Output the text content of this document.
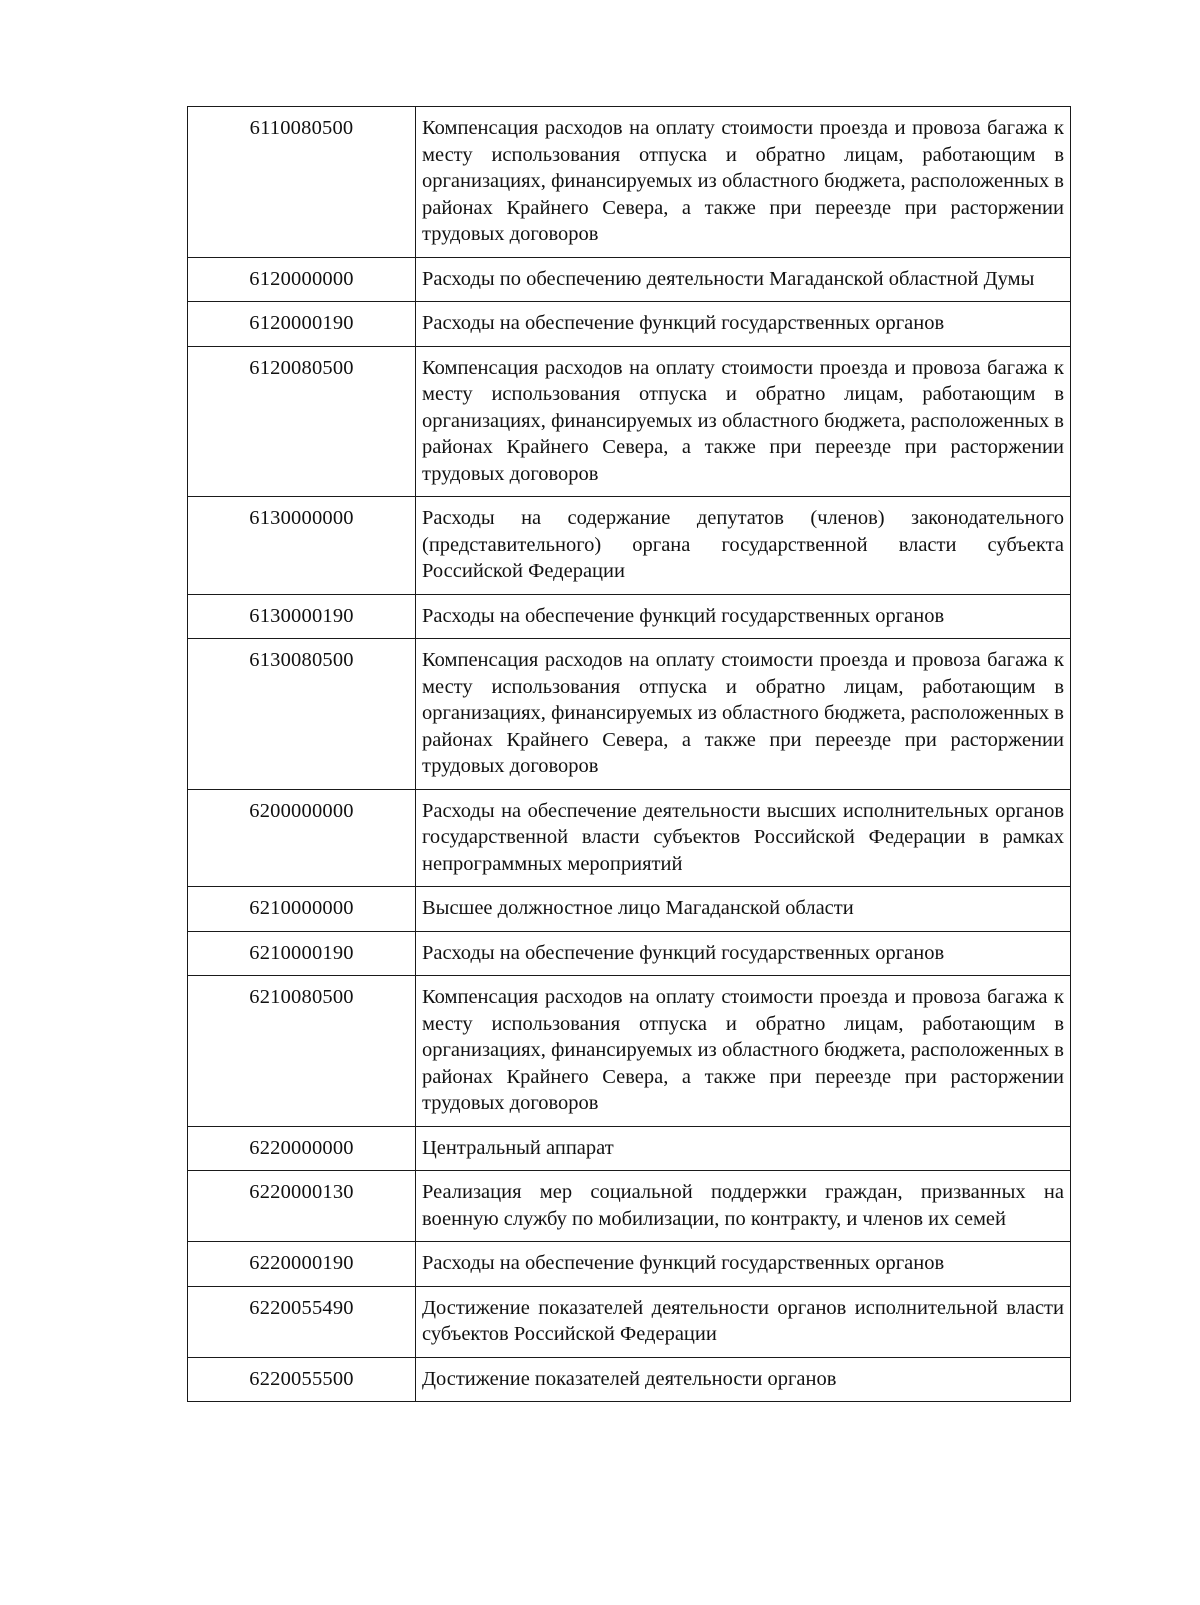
6110080500	Компенсация расходов на оплату стоимости проезда и провоза багажа к месту использования отпуска и обратно лицам, работающим в организациях, финансируемых из областного бюджета, расположенных в районах Крайнего Севера, а также при переезде при расторжении трудовых договоров
6120000000	Расходы по обеспечению деятельности Магаданской областной Думы
6120000190	Расходы на обеспечение функций государственных органов
6120080500	Компенсация расходов на оплату стоимости проезда и провоза багажа к месту использования отпуска и обратно лицам, работающим в организациях, финансируемых из областного бюджета, расположенных в районах Крайнего Севера, а также при переезде при расторжении трудовых договоров
6130000000	Расходы на содержание депутатов (членов) законодательного (представительного) органа государственной власти субъекта Российской Федерации
6130000190	Расходы на обеспечение функций государственных органов
6130080500	Компенсация расходов на оплату стоимости проезда и провоза багажа к месту использования отпуска и обратно лицам, работающим в организациях, финансируемых из областного бюджета, расположенных в районах Крайнего Севера, а также при переезде при расторжении трудовых договоров
6200000000	Расходы на обеспечение деятельности высших исполнительных органов государственной власти субъектов Российской Федерации в рамках непрограммных мероприятий
6210000000	Высшее должностное лицо Магаданской области
6210000190	Расходы на обеспечение функций государственных органов
6210080500	Компенсация расходов на оплату стоимости проезда и провоза багажа к месту использования отпуска и обратно лицам, работающим в организациях, финансируемых из областного бюджета, расположенных в районах Крайнего Севера, а также при переезде при расторжении трудовых договоров
6220000000	Центральный аппарат
6220000130	Реализация мер социальной поддержки граждан, призванных на военную службу по мобилизации, по контракту, и членов их семей
6220000190	Расходы на обеспечение функций государственных органов
6220055490	Достижение показателей деятельности органов исполнительной власти субъектов Российской Федерации
6220055500	Достижение показателей деятельности органов
